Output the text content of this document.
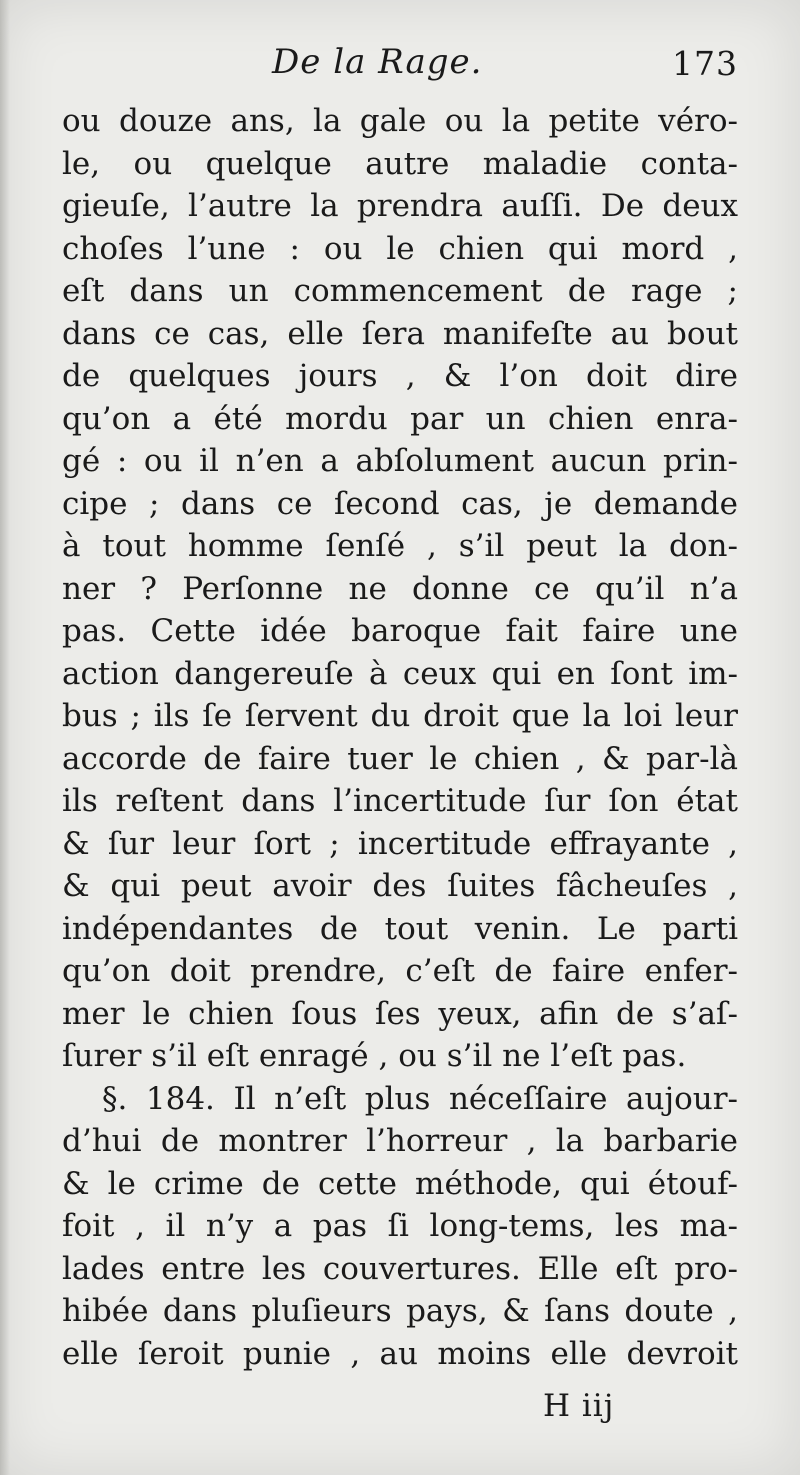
De la Rage.	173
ou douze ans, la gale ou la petite véro-
le, ou quelque autre maladie conta-
gieuſe, l’autre la prendra auſſi. De deux
choſes l’une : ou le chien qui mord ,
eſt dans un commencement de rage ;
dans ce cas, elle ſera manifeſte au bout
de quelques jours , & l’on doit dire
qu’on a été mordu par un chien enra-
gé : ou il n’en a abſolument aucun prin-
cipe ; dans ce ſecond cas, je demande
à tout homme ſenſé , s’il peut la don-
ner ? Perſonne ne donne ce qu’il n’a
pas. Cette idée baroque fait faire une
action dangereuſe à ceux qui en ſont im-
bus ; ils ſe ſervent du droit que la loi leur
accorde de faire tuer le chien , & par-là
ils reſtent dans l’incertitude ſur ſon état
& ſur leur ſort ; incertitude effrayante ,
& qui peut avoir des ſuites fâcheuſes ,
indépendantes de tout venin. Le parti
qu’on doit prendre, c’eſt de faire enfer-
mer le chien ſous ſes yeux, afin de s’aſ-
ſurer s’il eſt enragé , ou s’il ne l’eſt pas.
§. 184. Il n’eſt plus néceſſaire aujour-
d’hui de montrer l’horreur , la barbarie
& le crime de cette méthode, qui étouf-
foit , il n’y a pas ſi long-tems, les ma-
lades entre les couvertures. Elle eſt pro-
hibée dans pluſieurs pays, & ſans doute ,
elle ſeroit punie , au moins elle devroit
H iij
